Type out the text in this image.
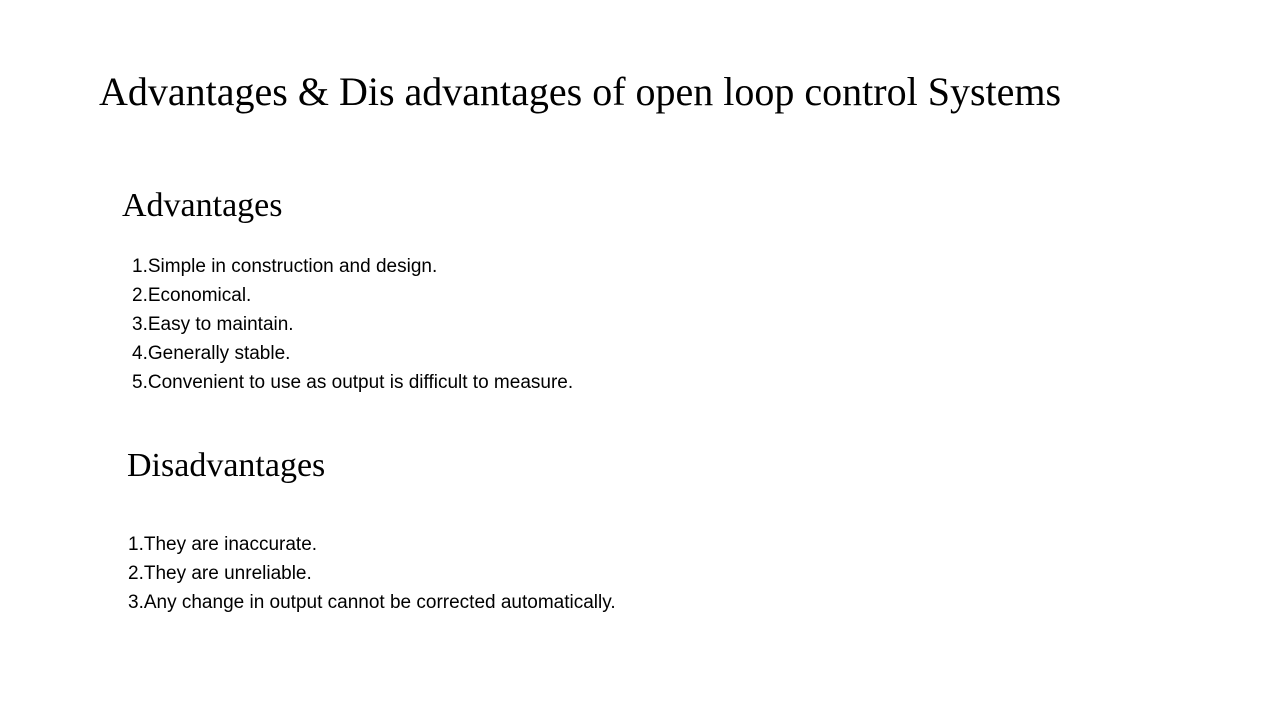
Advantages & Dis advantages of open loop control Systems
Advantages
1.Simple in construction and design.
2.Economical.
3.Easy to maintain.
4.Generally stable.
5.Convenient to use as output is difficult to measure.
Disadvantages
1.They are inaccurate.
2.They are unreliable.
3.Any change in output cannot be corrected automatically.
